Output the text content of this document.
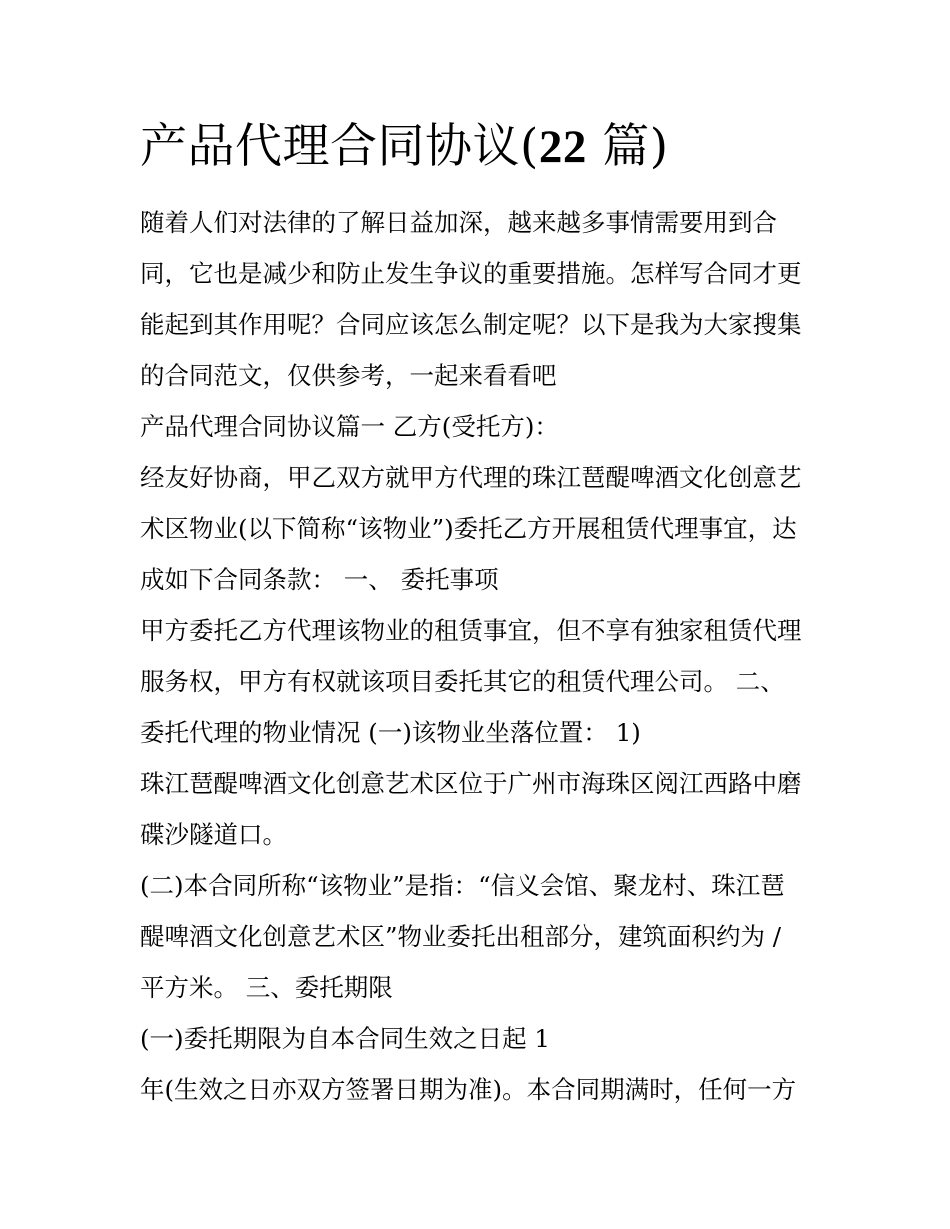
产品代理合同协议(22 篇)
随着人们对法律的了解日益加深，越来越多事情需要用到合
同，它也是减少和防止发生争议的重要措施。怎样写合同才更
能起到其作用呢？合同应该怎么制定呢？以下是我为大家搜集
的合同范文，仅供参考，一起来看看吧
产品代理合同协议篇一 乙方(受托方)：
经友好协商，甲乙双方就甲方代理的珠江琶醍啤酒文化创意艺
术区物业(以下简称“该物业”)委托乙方开展租赁代理事宜，达
成如下合同条款： 一、 委托事项
甲方委托乙方代理该物业的租赁事宜，但不享有独家租赁代理
服务权，甲方有权就该项目委托其它的租赁代理公司。 二、
委托代理的物业情况 (一)该物业坐落位置： 1)
珠江琶醍啤酒文化创意艺术区位于广州市海珠区阅江西路中磨
碟沙隧道口。
(二)本合同所称“该物业”是指：“信义会馆、聚龙村、珠江琶
醍啤酒文化创意艺术区”物业委托出租部分，建筑面积约为 /
平方米。 三、委托期限
(一)委托期限为自本合同生效之日起 1
年(生效之日亦双方签署日期为准)。本合同期满时，任何一方
